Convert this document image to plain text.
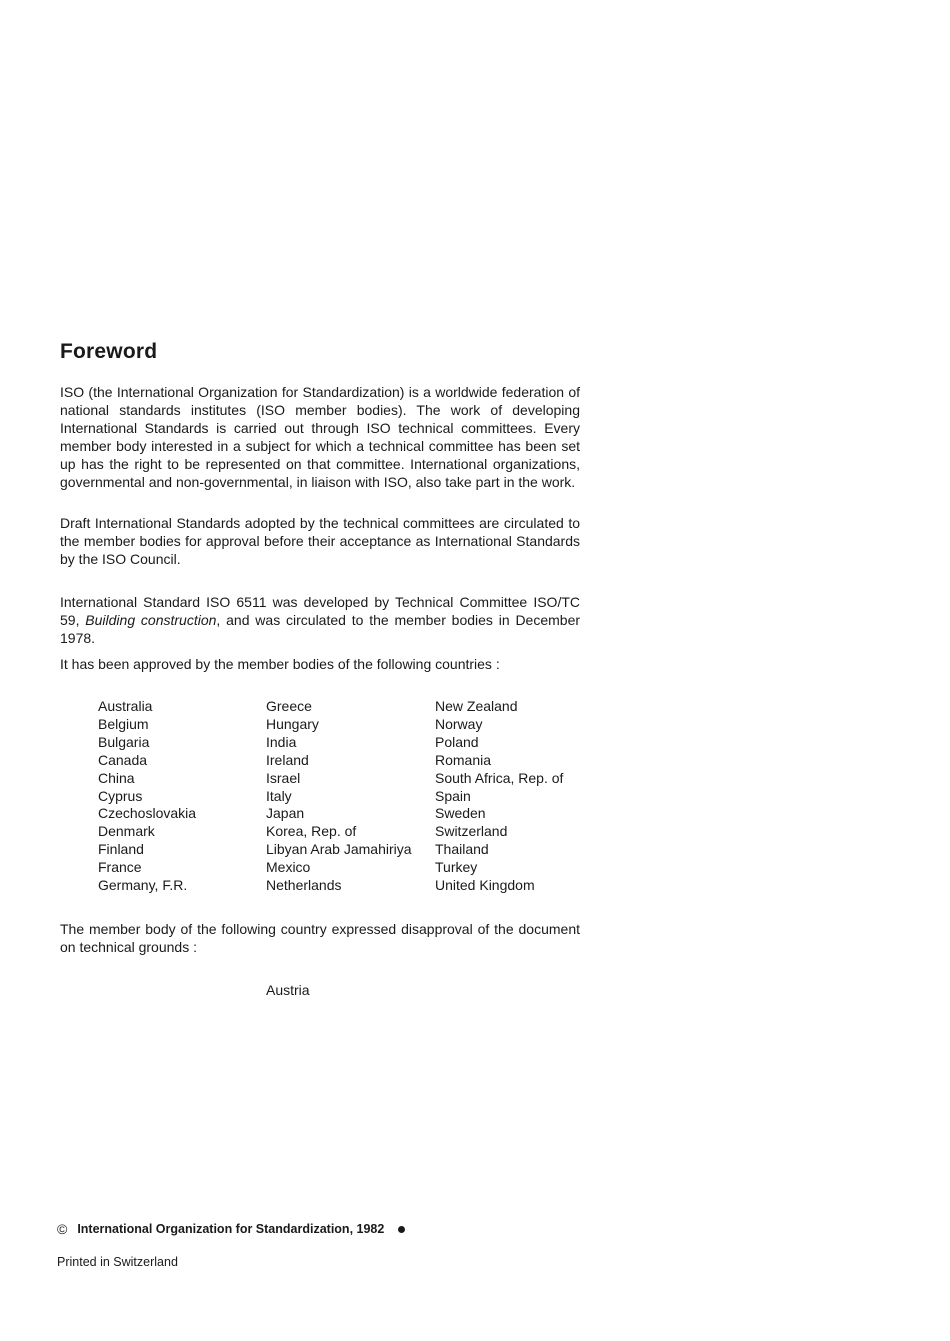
Foreword

ISO (the International Organization for Standardization) is a worldwide federation of national standards institutes (ISO member bodies). The work of developing International Standards is carried out through ISO technical committees. Every member body interested in a subject for which a technical committee has been set up has the right to be represented on that committee. International organizations, governmental and non-governmental, in liaison with ISO, also take part in the work.

Draft International Standards adopted by the technical committees are circulated to the member bodies for approval before their acceptance as International Standards by the ISO Council.

International Standard ISO 6511 was developed by Technical Committee ISO/TC 59, Building construction, and was circulated to the member bodies in December 1978.

It has been approved by the member bodies of the following countries :

Australia	Greece	New Zealand
Belgium	Hungary	Norway
Bulgaria	India	Poland
Canada	Ireland	Romania
China	Israel	South Africa, Rep. of
Cyprus	Italy	Spain
Czechoslovakia	Japan	Sweden
Denmark	Korea, Rep. of	Switzerland
Finland	Libyan Arab Jamahiriya	Thailand
France	Mexico	Turkey
Germany, F.R.	Netherlands	United Kingdom

The member body of the following country expressed disapproval of the document on technical grounds :

Austria
© International Organization for Standardization, 1982
Printed in Switzerland
